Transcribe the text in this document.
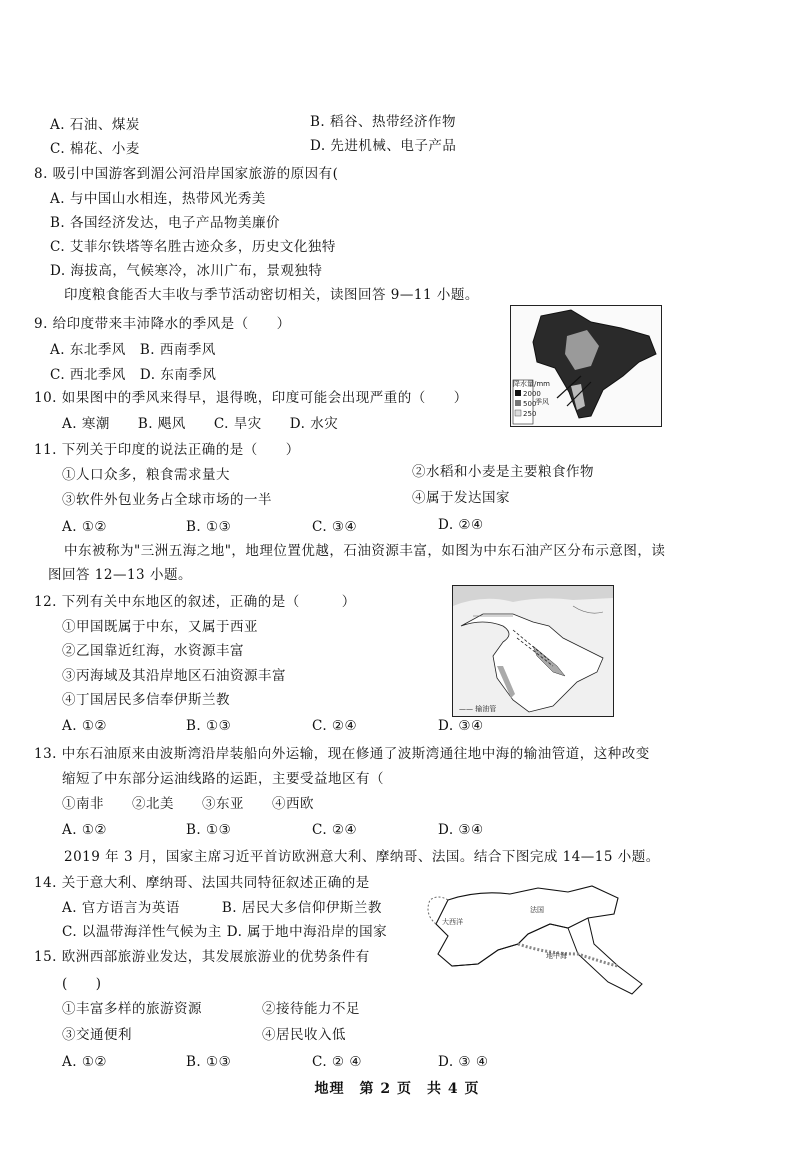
A. 石油、煤炭	B. 稻谷、热带经济作物
C. 棉花、小麦	D. 先进机械、电子产品
8. 吸引中国游客到湄公河沿岸国家旅游的原因有(
A. 与中国山水相连，热带风光秀美
B. 各国经济发达，电子产品物美廉价
C. 艾菲尔铁塔等名胜古迹众多，历史文化独特
D. 海拔高，气候寒冷，冰川广布，景观独特
印度粮食能否大丰收与季节活动密切相关，读图回答 9—11 小题。
9. 给印度带来丰沛降水的季风是（　　）
A. 东北季风　B. 西南季风
C. 西北季风　D. 东南季风
降水量/mm
2000
500
250
季风
10. 如果图中的季风来得早，退得晚，印度可能会出现严重的（　　）
A. 寒潮　　B. 飓风　　C. 旱灾　　D. 水灾
11. 下列关于印度的说法正确的是（　　）
①人口众多，粮食需求量大	②水稻和小麦是主要粮食作物
③软件外包业务占全球市场的一半	④属于发达国家
A. ①②	B. ①③	C. ③④	D. ②④
中东被称为"三洲五海之地"，地理位置优越，石油资源丰富，如图为中东石油产区分布示意图，读
图回答 12—13 小题。
—— 输油管
12. 下列有关中东地区的叙述，正确的是（　　　）
①甲国既属于中东，又属于西亚
②乙国靠近红海，水资源丰富
③丙海域及其沿岸地区石油资源丰富
④丁国居民多信奉伊斯兰教
A. ①②	B. ①③	C. ②④	D. ③④
13. 中东石油原来由波斯湾沿岸装船向外运输，现在修通了波斯湾通往地中海的输油管道，这种改变
缩短了中东部分运油线路的运距，主要受益地区有（
①南非　　②北美　　③东亚　　④西欧
A. ①②	B. ①③	C. ②④	D. ③④
2019 年 3 月，国家主席习近平首访欧洲意大利、摩纳哥、法国。结合下图完成 14—15 小题。
14. 关于意大利、摩纳哥、法国共同特征叙述正确的是
A. 官方语言为英语　　　B. 居民大多信仰伊斯兰教
C. 以温带海洋性气候为主 D. 属于地中海沿岸的国家
大西洋
法国
地中海
15. 欧洲西部旅游业发达，其发展旅游业的优势条件有
(　　)
①丰富多样的旅游资源	②接待能力不足
③交通便利	④居民收入低
A. ①②	B. ①③	C. ② ④	D. ③ ④
地理　第 2 页　共 4 页
